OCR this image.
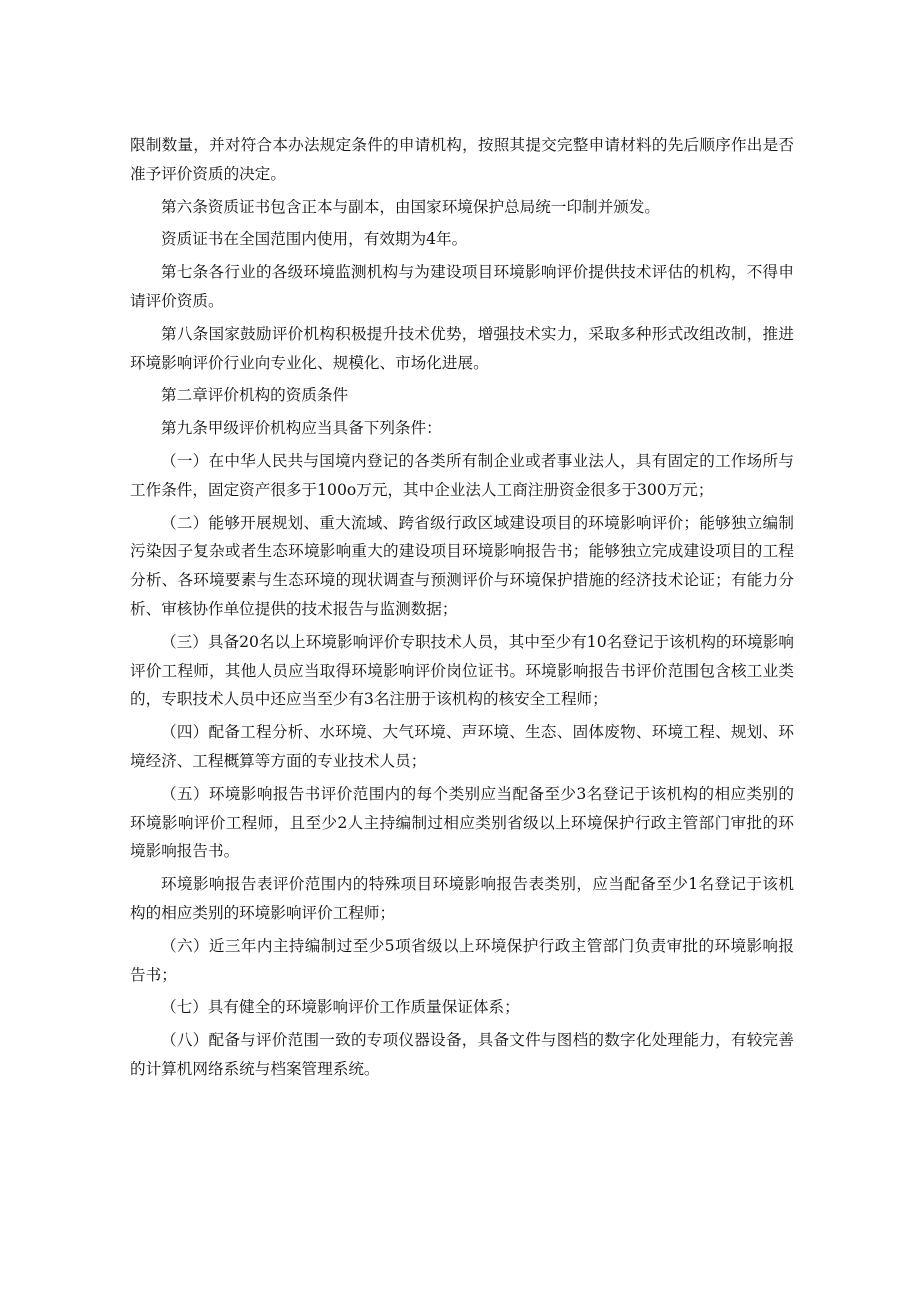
限制数量，并对符合本办法规定条件的申请机构，按照其提交完整申请材料的先后顺序作出是否准予评价资质的决定。

第六条资质证书包含正本与副本，由国家环境保护总局统一印制并颁发。

资质证书在全国范围内使用，有效期为4年。

第七条各行业的各级环境监测机构与为建设项目环境影响评价提供技术评估的机构，不得申请评价资质。

第八条国家鼓励评价机构积极提升技术优势，增强技术实力，采取多种形式改组改制，推进环境影响评价行业向专业化、规模化、市场化进展。

第二章评价机构的资质条件

第九条甲级评价机构应当具备下列条件：

（一）在中华人民共与国境内登记的各类所有制企业或者事业法人，具有固定的工作场所与工作条件，固定资产很多于100o万元，其中企业法人工商注册资金很多于300万元；

（二）能够开展规划、重大流域、跨省级行政区域建设项目的环境影响评价；能够独立编制污染因子复杂或者生态环境影响重大的建设项目环境影响报告书；能够独立完成建设项目的工程分析、各环境要素与生态环境的现状调查与预测评价与环境保护措施的经济技术论证；有能力分析、审核协作单位提供的技术报告与监测数据；

（三）具备20名以上环境影响评价专职技术人员，其中至少有10名登记于该机构的环境影响评价工程师，其他人员应当取得环境影响评价岗位证书。环境影响报告书评价范围包含核工业类的，专职技术人员中还应当至少有3名注册于该机构的核安全工程师；

（四）配备工程分析、水环境、大气环境、声环境、生态、固体废物、环境工程、规划、环境经济、工程概算等方面的专业技术人员；

（五）环境影响报告书评价范围内的每个类别应当配备至少3名登记于该机构的相应类别的环境影响评价工程师，且至少2人主持编制过相应类别省级以上环境保护行政主管部门审批的环境影响报告书。

环境影响报告表评价范围内的特殊项目环境影响报告表类别，应当配备至少1名登记于该机构的相应类别的环境影响评价工程师；

（六）近三年内主持编制过至少5项省级以上环境保护行政主管部门负责审批的环境影响报告书；

（七）具有健全的环境影响评价工作质量保证体系；

（八）配备与评价范围一致的专项仪器设备，具备文件与图档的数字化处理能力，有较完善的计算机网络系统与档案管理系统。
